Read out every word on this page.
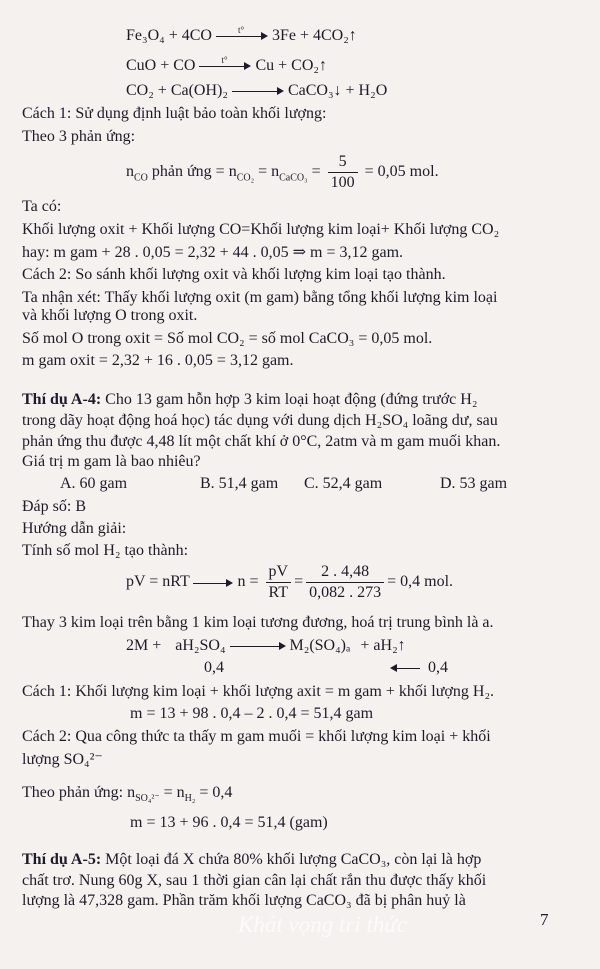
Fe₃O₄ + 4CO	t° 3Fe + 4CO₂↑
CuO + CO	t° Cu + CO₂↑
CO₂ + Ca(OH)₂	CaCO₃↓ + H₂O
Cách 1: Sử dụng định luật bảo toàn khối lượng:
Theo 3 phản ứng:
$n_{CO}$ phản ứng = $n_{CO_2} = n_{CaCO_3} = \frac{5}{100} = 0,05$ mol.
Ta có:
Khối lượng oxit + Khối lượng CO=Khối lượng kim loại+ Khối lượng CO₂
hay: m gam + 28 . 0,05 = 2,32 + 44 . 0,05 ⇒ m = 3,12 gam.
Cách 2: So sánh khối lượng oxit và khối lượng kim loại tạo thành.
Ta nhận xét: Thấy khối lượng oxit (m gam) bằng tổng khối lượng kim loại
và khối lượng O trong oxit.
Số mol O trong oxit = Số mol CO₂ = số mol CaCO₃ = 0,05 mol.
m gam oxit = 2,32 + 16 . 0,05 = 3,12 gam.
Thí dụ A-4: Cho 13 gam hỗn hợp 3 kim loại hoạt động (đứng trước H₂
trong dãy hoạt động hoá học) tác dụng với dung dịch H₂SO₄ loãng dư, sau
phản ứng thu được 4,48 lít một chất khí ở 0°C, 2atm và m gam muối khan.
Giá trị m gam là bao nhiêu?
A. 60 gam	B. 51,4 gam C. 52,4 gam	D. 53 gam
Đáp số: B
Hướng dẫn giải:
Tính số mol H₂ tạo thành:
pV = nRT	$n = \frac{pV}{RT} = \frac{2 . 4,48}{0,082 . 273} = 0,4$ mol.
Thay 3 kim loại trên bằng 1 kim loại tương đương, hoá trị trung bình là a.
2M + aH₂SO₄	M₂(SO₄)ₐ + aH₂↑
0,4	0,4
Cách 1: Khối lượng kim loại + khối lượng axit = m gam + khối lượng H₂.
m = 13 + 98 . 0,4 – 2 . 0,4 = 51,4 gam
Cách 2: Qua công thức ta thấy m gam muối = khối lượng kim loại + khối
lượng SO₄²⁻
Theo phản ứng: $n_{SO_4^{2-}} = n_{H_2} = 0,4$
m = 13 + 96 . 0,4 = 51,4 (gam)
Thí dụ A-5: Một loại đá X chứa 80% khối lượng CaCO₃, còn lại là hợp
chất trơ. Nung 60g X, sau 1 thời gian cân lại chất rắn thu được thấy khối
lượng là 47,328 gam. Phần trăm khối lượng CaCO₃ đã bị phân huỷ là
Khát vọng tri thức	7
